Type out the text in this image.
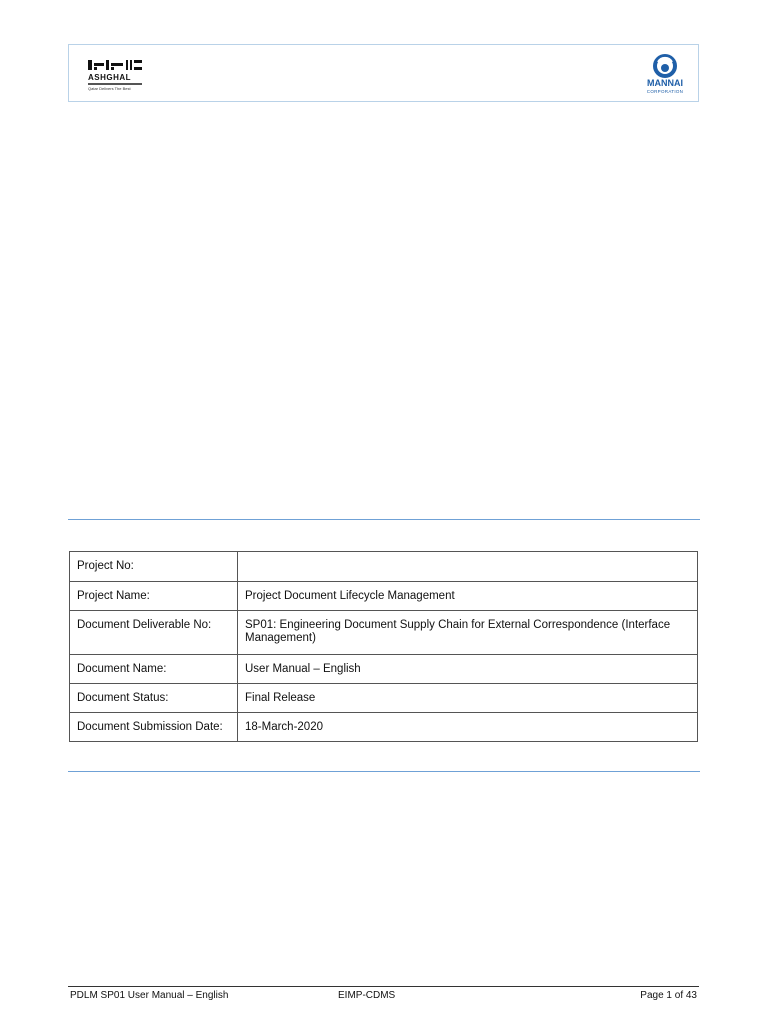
ASHGHAL
Qatar Delivers The Best
MANNAI
CORPORATION
Project No:	
Project Name:	Project Document Lifecycle Management
Document Deliverable No:	SP01: Engineering Document Supply Chain for External Correspondence (Interface Management)
Document Name:	User Manual – English
Document Status:	Final Release
Document Submission Date:	18-March-2020
PDLM SP01 User Manual – English	EIMP-CDMS	Page 1 of 43
